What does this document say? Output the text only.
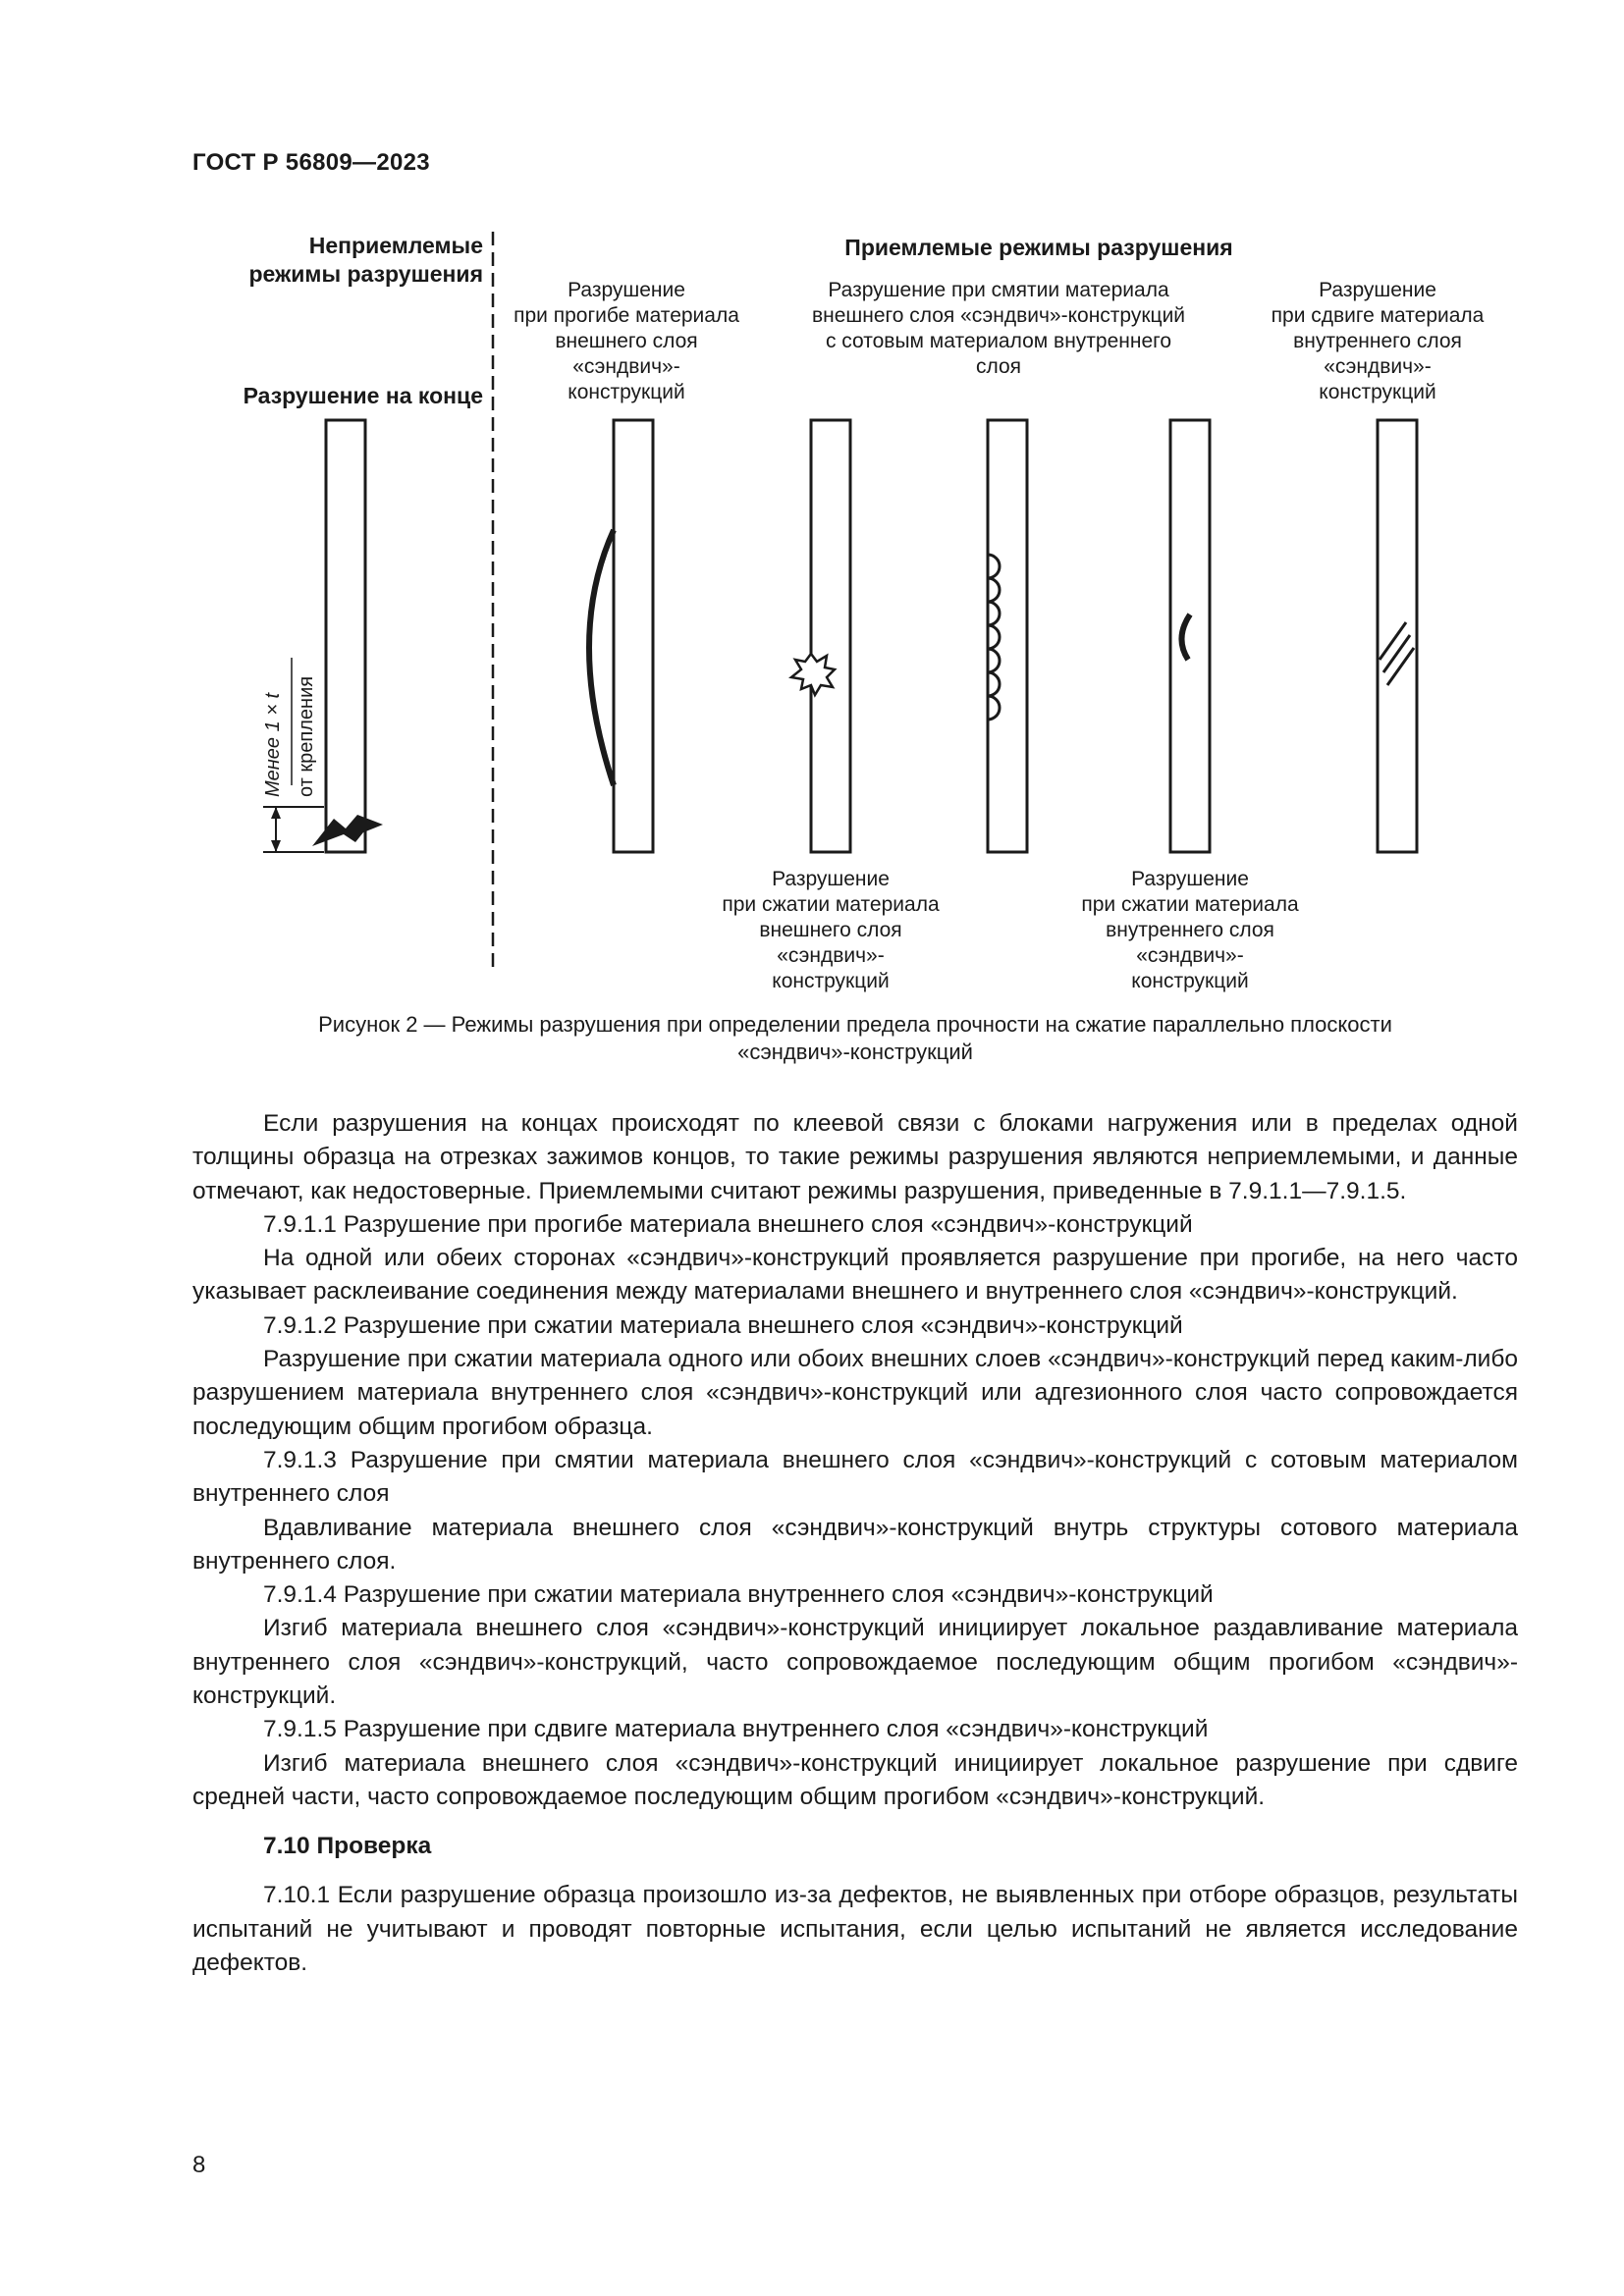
ГОСТ Р 56809—2023
Неприемлемые
режимы разрушения
Приемлемые режимы разрушения
Разрушение на конце
Разрушение
при прогибе материала
внешнего слоя
«сэндвич»-
конструкций
Разрушение при смятии материала
внешнего слоя «сэндвич»-конструкций
с сотовым материалом внутреннего
слоя
Разрушение
при сдвиге материала
внутреннего слоя
«сэндвич»-
конструкций
Менее 1 × t от крепления
Разрушение
при сжатии материала
внешнего слоя
«сэндвич»-
конструкций
Разрушение
при сжатии материала
внутреннего слоя
«сэндвич»-
конструкций
Рисунок 2 — Режимы разрушения при определении предела прочности на сжатие параллельно плоскости
«сэндвич»-конструкций

Если разрушения на концах происходят по клеевой связи с блоками нагружения или в пределах одной толщины образца на отрезках зажимов концов, то такие режимы разрушения являются неприемлемыми, и данные отмечают, как недостоверные. Приемлемыми считают режимы разрушения, приведенные в 7.9.1.1—7.9.1.5.

7.9.1.1 Разрушение при прогибе материала внешнего слоя «сэндвич»-конструкций

На одной или обеих сторонах «сэндвич»-конструкций проявляется разрушение при прогибе, на него часто указывает расклеивание соединения между материалами внешнего и внутреннего слоя «сэндвич»-конструкций.

7.9.1.2 Разрушение при сжатии материала внешнего слоя «сэндвич»-конструкций

Разрушение при сжатии материала одного или обоих внешних слоев «сэндвич»-конструкций перед каким-либо разрушением материала внутреннего слоя «сэндвич»-конструкций или адгезионного слоя часто сопровождается последующим общим прогибом образца.

7.9.1.3 Разрушение при смятии материала внешнего слоя «сэндвич»-конструкций с сотовым материалом внутреннего слоя

Вдавливание материала внешнего слоя «сэндвич»-конструкций внутрь структуры сотового материала внутреннего слоя.

7.9.1.4 Разрушение при сжатии материала внутреннего слоя «сэндвич»-конструкций

Изгиб материала внешнего слоя «сэндвич»-конструкций инициирует локальное раздавливание материала внутреннего слоя «сэндвич»-конструкций, часто сопровождаемое последующим общим прогибом «сэндвич»-конструкций.

7.9.1.5 Разрушение при сдвиге материала внутреннего слоя «сэндвич»-конструкций

Изгиб материала внешнего слоя «сэндвич»-конструкций инициирует локальное разрушение при сдвиге средней части, часто сопровождаемое последующим общим прогибом «сэндвич»-конструкций.

7.10 Проверка

7.10.1 Если разрушение образца произошло из-за дефектов, не выявленных при отборе образцов, результаты испытаний не учитывают и проводят повторные испытания, если целью испытаний не является исследование дефектов.

8
